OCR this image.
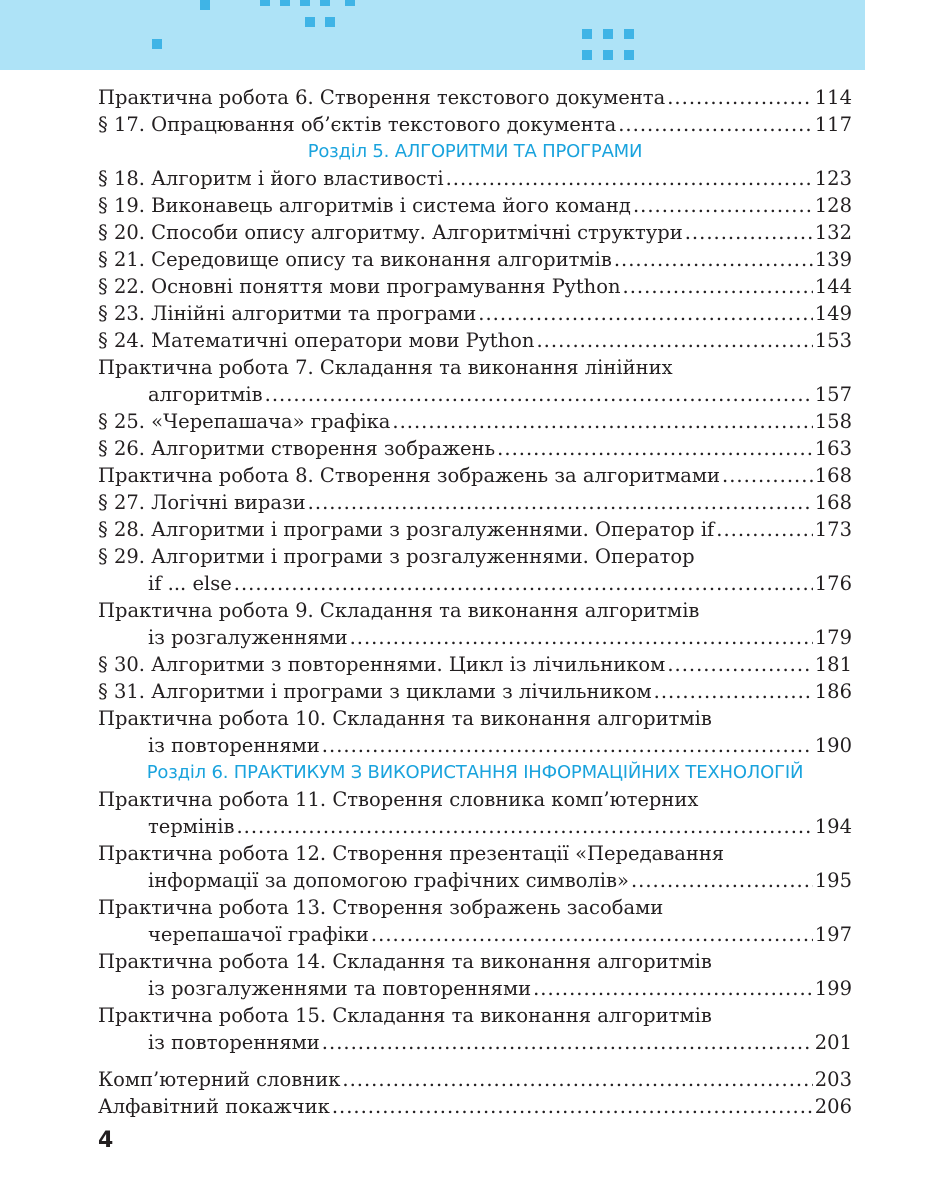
Практична робота 6. Створення текстового документа .....	114
§ 17. Опрацювання об’єктів текстового документа .....	117
Розділ 5. АЛГОРИТМИ ТА ПРОГРАМИ
§ 18. Алгоритм і його властивості .....	123
§ 19. Виконавець алгоритмів і система його команд .....	128
§ 20. Способи опису алгоритму. Алгоритмічні структури .....	132
§ 21. Середовище опису та виконання алгоритмів .....	139
§ 22. Основні поняття мови програмування Python .....	144
§ 23. Лінійні алгоритми та програми .....	149
§ 24. Математичні оператори мови Python .....	153
Практична робота 7. Складання та виконання лінійних
алгоритмів .....	157
§ 25. «Черепашача» графіка .....	158
§ 26. Алгоритми створення зображень .....	163
Практична робота 8. Створення зображень за алгоритмами .....	168
§ 27. Логічні вирази .....	168
§ 28. Алгоритми і програми з розгалуженнями. Оператор if .....	173
§ 29. Алгоритми і програми з розгалуженнями. Оператор
if ... else .....	176
Практична робота 9. Складання та виконання алгоритмів
із розгалуженнями .....	179
§ 30. Алгоритми з повтореннями. Цикл із лічильником .....	181
§ 31. Алгоритми і програми з циклами з лічильником .....	186
Практична робота 10. Складання та виконання алгоритмів
із повтореннями .....	190
Розділ 6. ПРАКТИКУМ З ВИКОРИСТАННЯ ІНФОРМАЦІЙНИХ ТЕХНОЛОГІЙ
Практична робота 11. Створення словника комп’ютерних
термінів .....	194
Практична робота 12. Створення презентації «Передавання
інформації за допомогою графічних символів» .....	195
Практична робота 13. Створення зображень засобами
черепашачої графіки .....	197
Практична робота 14. Складання та виконання алгоритмів
із розгалуженнями та повтореннями .....	199
Практична робота 15. Складання та виконання алгоритмів
із повтореннями .....	201
Комп’ютерний словник .....	203
Алфавітний покажчик .....	206
4
